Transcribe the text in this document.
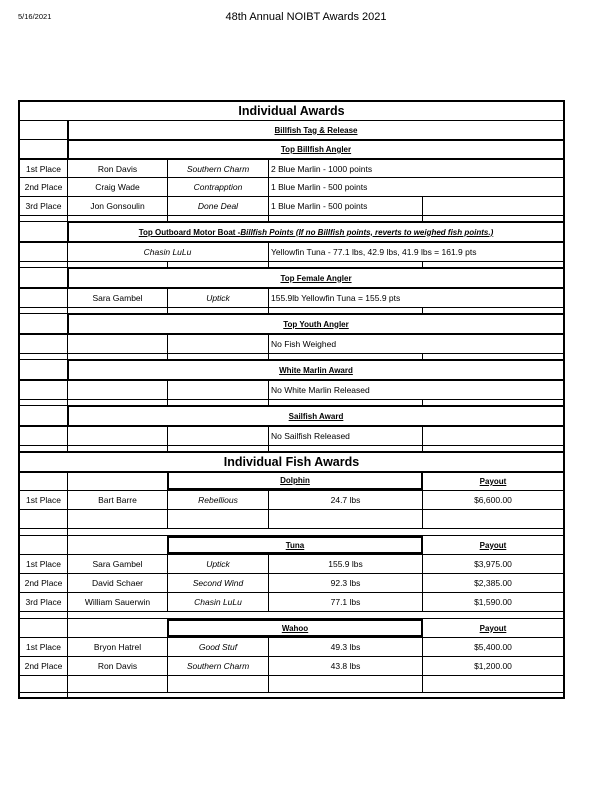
5/16/2021	48th Annual NOIBT Awards 2021
Individual Awards
Billfish Tag & Release
Top Billfish Angler
1st Place	Ron Davis	Southern Charm	2 Blue Marlin - 1000 points
2nd Place	Craig Wade	Contrapption	1 Blue Marlin - 500 points
3rd Place	Jon Gonsoulin	Done Deal	1 Blue Marlin - 500 points
Top Outboard Motor Boat - Billfish Points (If no Billfish points, reverts to weighed fish points.)
Chasin LuLu	Yellowfin Tuna - 77.1 lbs, 42.9 lbs, 41.9 lbs = 161.9 pts
Top Female Angler
Sara Gambel	Uptick	155.9lb Yellowfin Tuna = 155.9 pts
Top Youth Angler
No Fish Weighed
White Marlin Award
No White Marlin Released
Sailfish Award
No Sailfish Released
Individual Fish Awards
Dolphin	Payout
1st Place	Bart Barre	Rebellious	24.7 lbs	$6,600.00
Tuna	Payout
1st Place	Sara Gambel	Uptick	155.9 lbs	$3,975.00
2nd Place	David Schaer	Second Wind	92.3 lbs	$2,385.00
3rd Place	William Sauerwin	Chasin LuLu	77.1 lbs	$1,590.00
Wahoo	Payout
1st Place	Bryon Hatrel	Good Stuf	49.3 lbs	$5,400.00
2nd Place	Ron Davis	Southern Charm	43.8 lbs	$1,200.00
